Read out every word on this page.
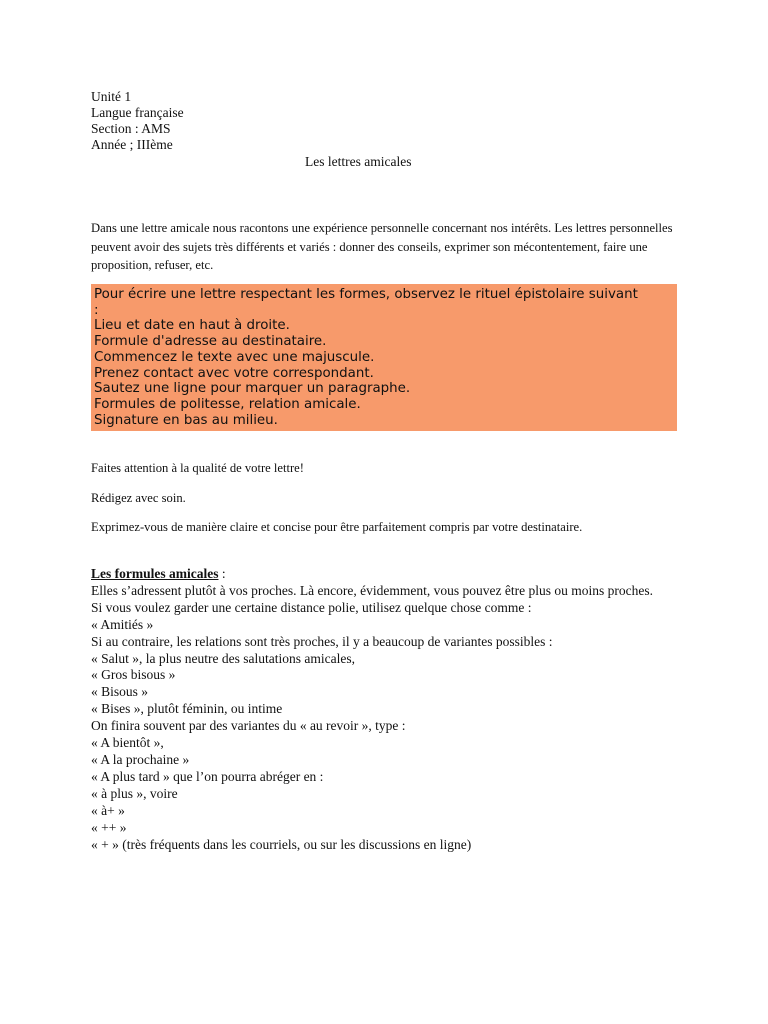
Unité 1
Langue française
Section : AMS
Année ; IIIème
Les lettres amicales
Dans une lettre amicale nous racontons une expérience personnelle concernant nos intérêts. Les lettres personnelles peuvent avoir des sujets très différents et variés : donner des conseils, exprimer son mécontentement, faire une proposition, refuser, etc.
Pour écrire une lettre respectant les formes, observez le rituel épistolaire suivant
:
Lieu et date en haut à droite.
Formule d'adresse au destinataire.
Commencez le texte avec une majuscule.
Prenez contact avec votre correspondant.
Sautez une ligne pour marquer un paragraphe.
Formules de politesse, relation amicale.
Signature en bas au milieu.
Faites attention à la qualité de votre lettre!
Rédigez avec soin.
Exprimez-vous de manière claire et concise pour être parfaitement compris par votre destinataire.
Les formules amicales :
Elles s’adressent plutôt à vos proches. Là encore, évidemment, vous pouvez être plus ou moins proches.
Si vous voulez garder une certaine distance polie, utilisez quelque chose comme :
« Amitiés »
Si au contraire, les relations sont très proches, il y a beaucoup de variantes possibles :
« Salut », la plus neutre des salutations amicales,
« Gros bisous »
« Bisous »
« Bises », plutôt féminin, ou intime
On finira souvent par des variantes du « au revoir », type :
« A bientôt »,
« A la prochaine »
« A plus tard » que l’on pourra abréger en :
« à plus », voire
« à+ »
« ++ »
« + » (très fréquents dans les courriels, ou sur les discussions en ligne)
